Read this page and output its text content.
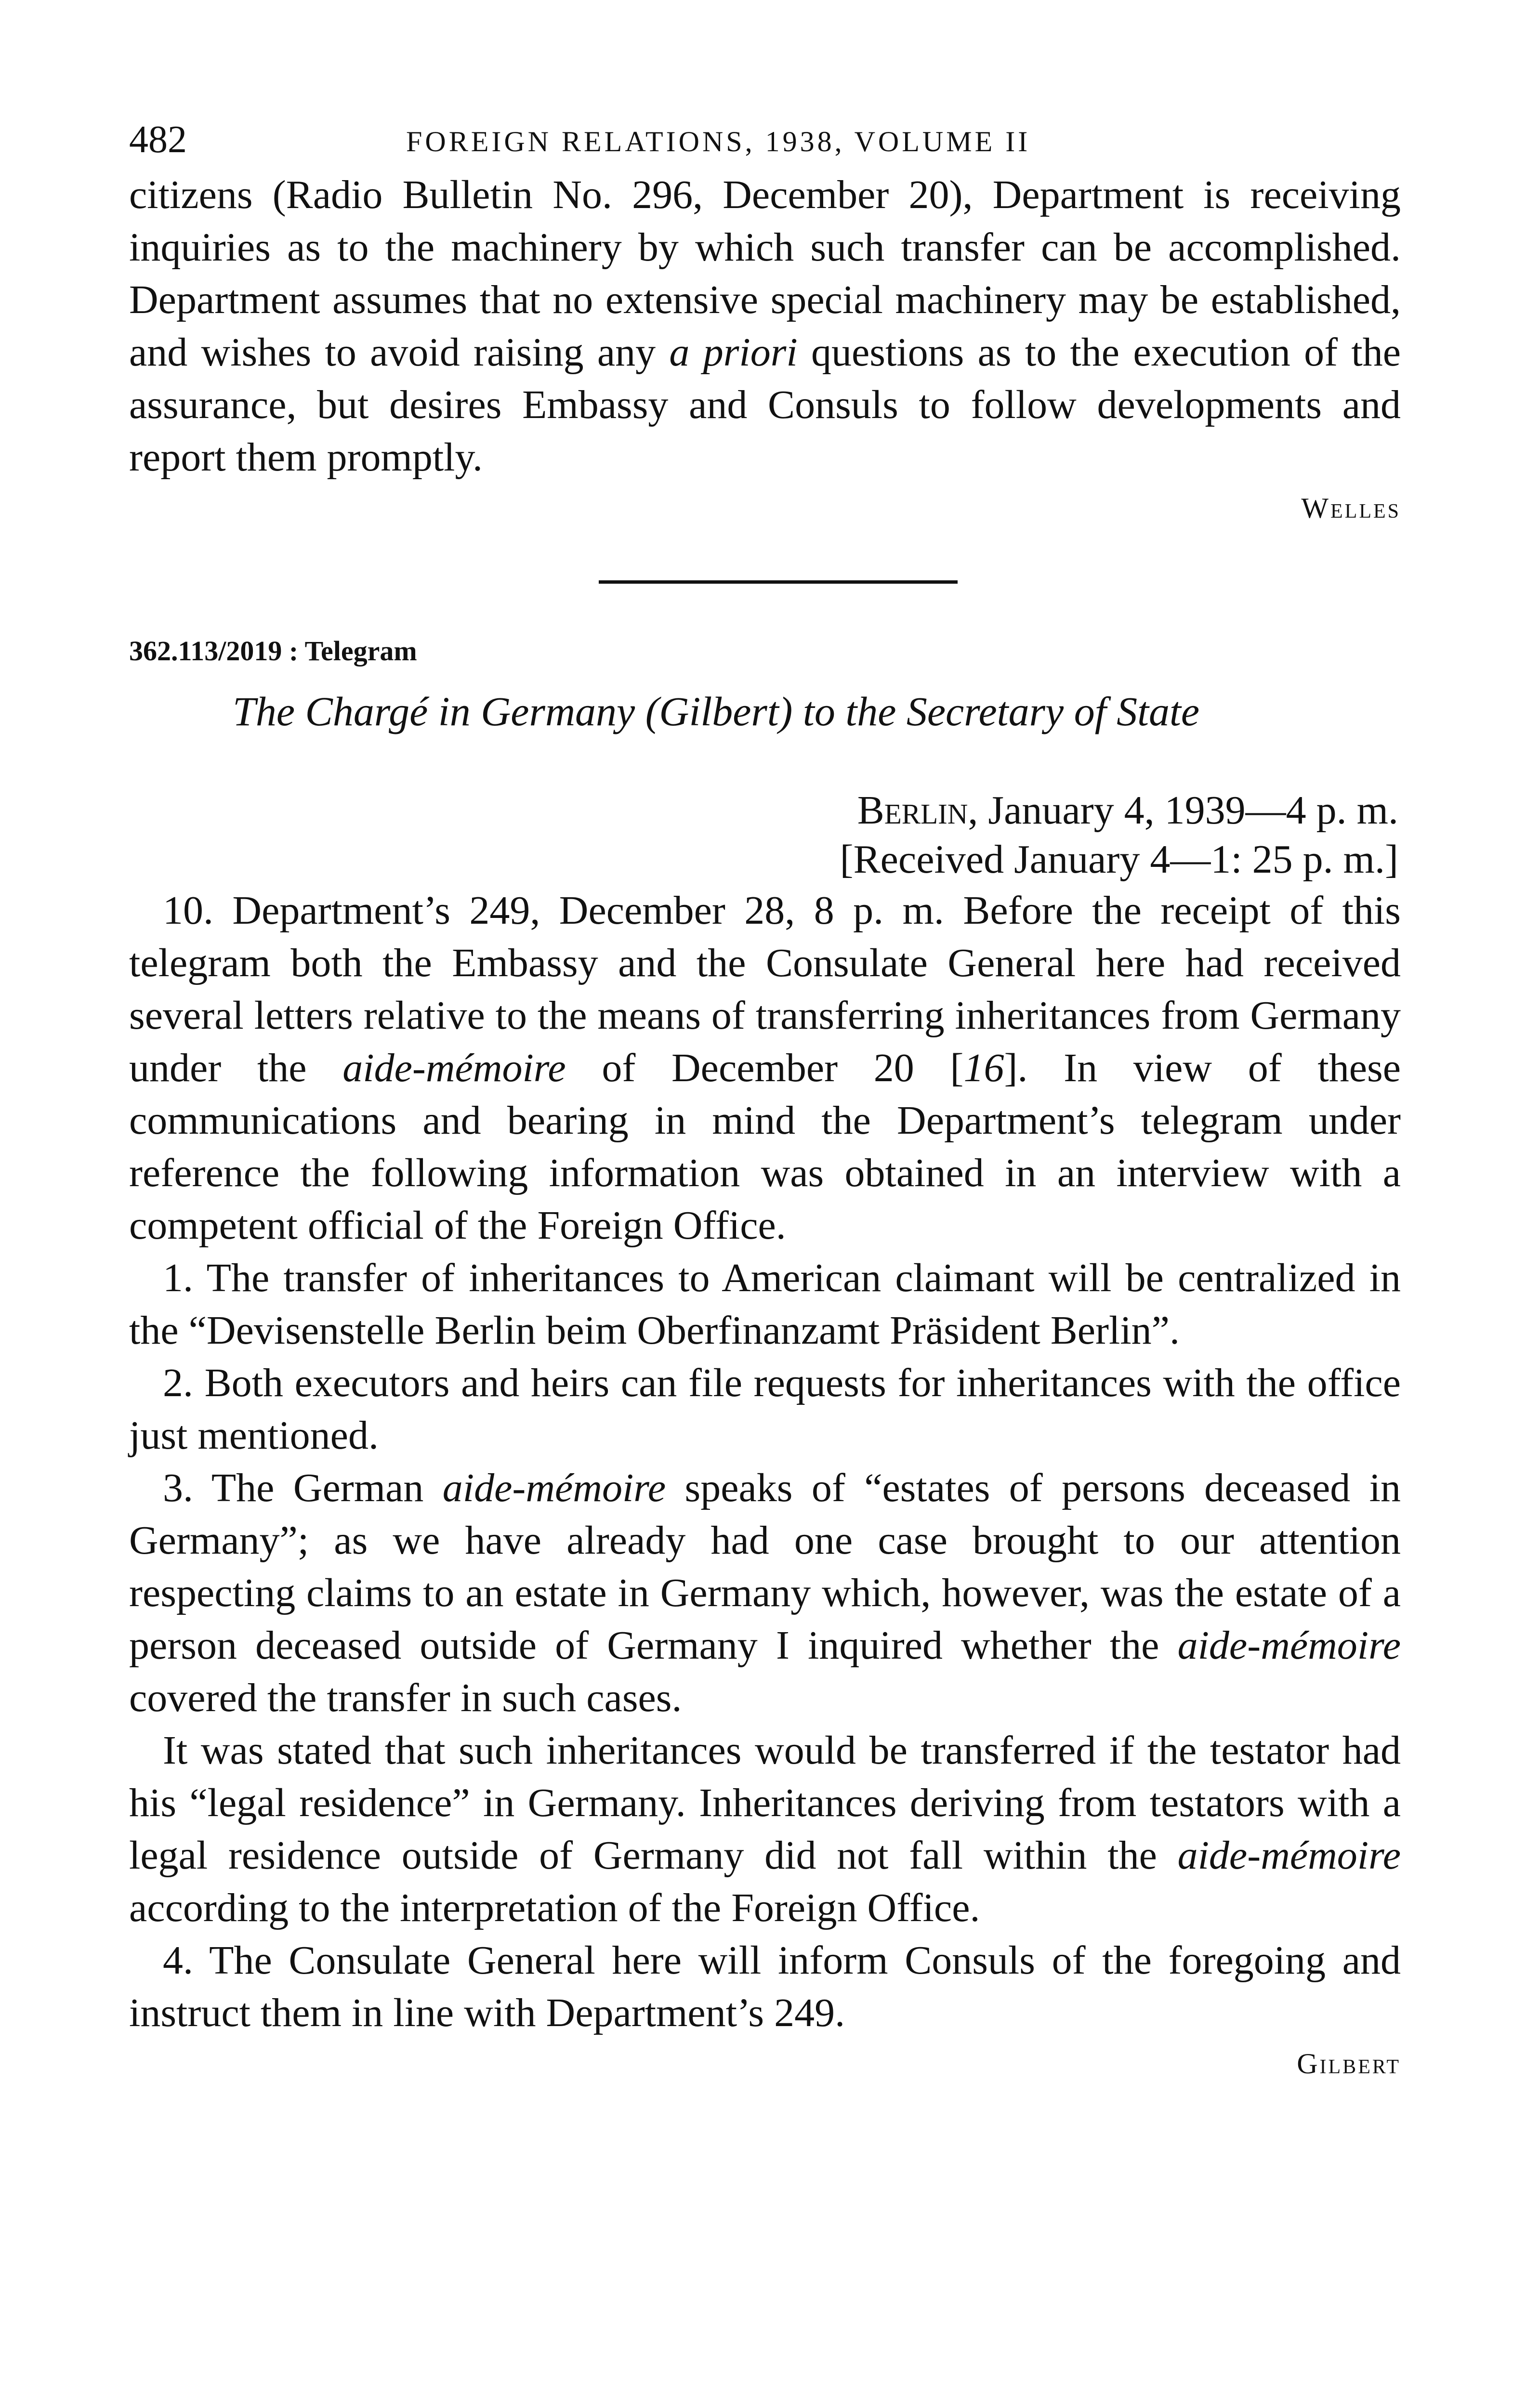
482	FOREIGN RELATIONS, 1938, VOLUME II

citizens (Radio Bulletin No. 296, December 20), Department is receiving inquiries as to the machinery by which such transfer can be accomplished. Department assumes that no extensive special machinery may be established, and wishes to avoid raising any a priori questions as to the execution of the assurance, but desires Embassy and Consuls to follow developments and report them promptly.

Welles
362.113/2019 : Telegram
The Chargé in Germany (Gilbert) to the Secretary of State
Berlin, January 4, 1939—4 p. m.
[Received January 4—1: 25 p. m.]

10. Department’s 249, December 28, 8 p. m. Before the receipt of this telegram both the Embassy and the Consulate General here had received several letters relative to the means of transferring inheritances from Germany under the aide-mémoire of December 20 [16]. In view of these communications and bearing in mind the Department’s telegram under reference the following information was obtained in an interview with a competent official of the Foreign Office.

1. The transfer of inheritances to American claimant will be centralized in the “Devisenstelle Berlin beim Oberfinanzamt Präsident Berlin”.

2. Both executors and heirs can file requests for inheritances with the office just mentioned.

3. The German aide-mémoire speaks of “estates of persons deceased in Germany”; as we have already had one case brought to our attention respecting claims to an estate in Germany which, however, was the estate of a person deceased outside of Germany I inquired whether the aide-mémoire covered the transfer in such cases.

It was stated that such inheritances would be transferred if the testator had his “legal residence” in Germany. Inheritances deriving from testators with a legal residence outside of Germany did not fall within the aide-mémoire according to the interpretation of the Foreign Office.

4. The Consulate General here will inform Consuls of the foregoing and instruct them in line with Department’s 249.

Gilbert
